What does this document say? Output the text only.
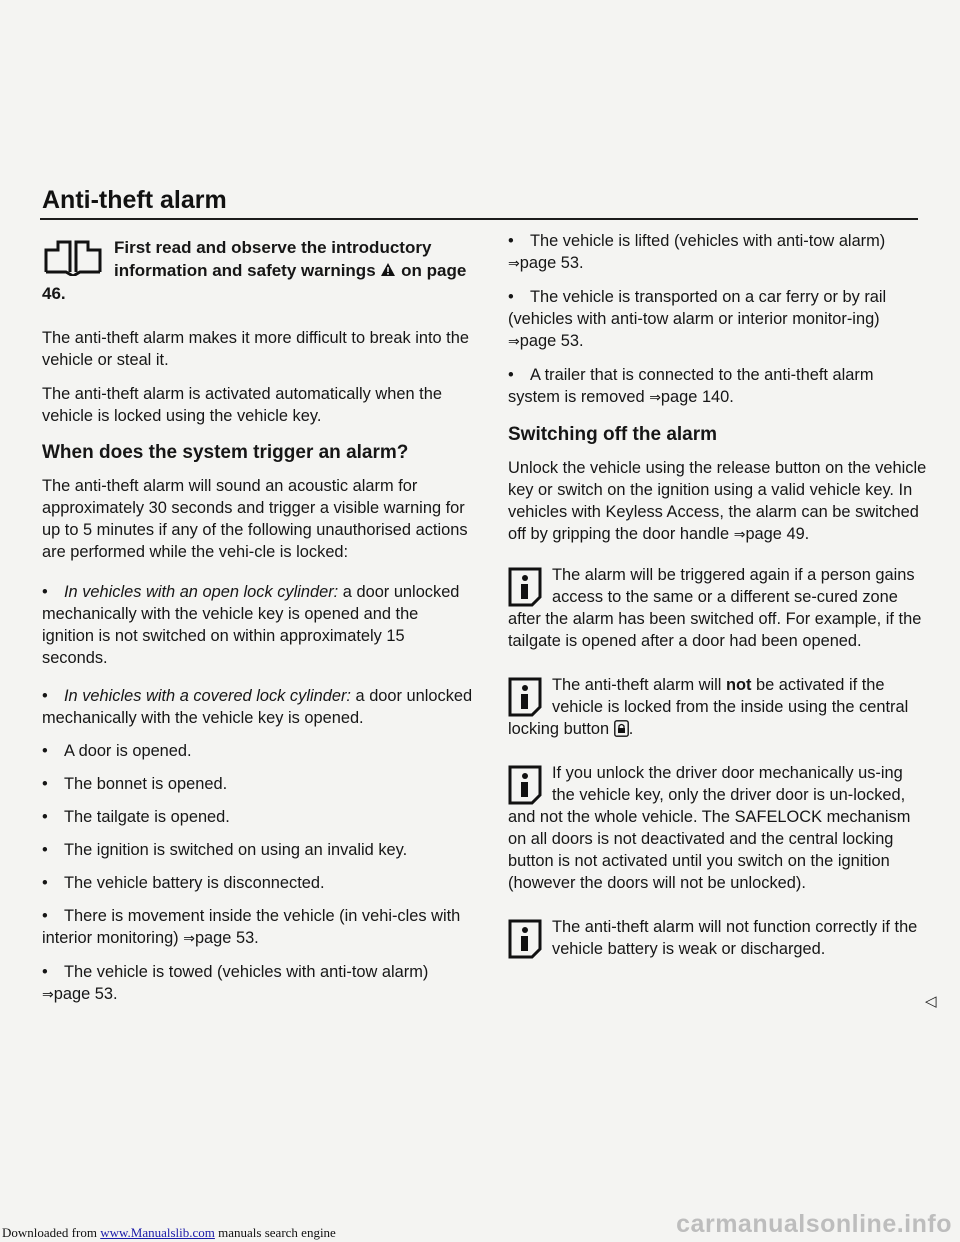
Anti-theft alarm
First read and observe the introductory information and safety warnings on page 46.

The anti-theft alarm makes it more difficult to break into the vehicle or steal it.

The anti-theft alarm is activated automatically when the vehicle is locked using the vehicle key.

When does the system trigger an alarm?

The anti-theft alarm will sound an acoustic alarm for approximately 30 seconds and trigger a visible warning for up to 5 minutes if any of the following unauthorised actions are performed while the vehi-cle is locked:

• In vehicles with an open lock cylinder: a door unlocked mechanically with the vehicle key is opened and the ignition is not switched on within approximately 15 seconds.
• In vehicles with a covered lock cylinder: a door unlocked mechanically with the vehicle key is opened.
• A door is opened.
• The bonnet is opened.
• The tailgate is opened.
• The ignition is switched on using an invalid key.
• The vehicle battery is disconnected.
• There is movement inside the vehicle (in vehi-cles with interior monitoring) ⇒page 53.
• The vehicle is towed (vehicles with anti-tow alarm) ⇒page 53.
• The vehicle is lifted (vehicles with anti-tow alarm) ⇒page 53.
• The vehicle is transported on a car ferry or by rail (vehicles with anti-tow alarm or interior monitor-ing) ⇒page 53.
• A trailer that is connected to the anti-theft alarm system is removed ⇒page 140.
Switching off the alarm

Unlock the vehicle using the release button on the vehicle key or switch on the ignition using a valid vehicle key. In vehicles with Keyless Access, the alarm can be switched off by gripping the door handle ⇒page 49.

The alarm will be triggered again if a person gains access to the same or a different se-cured zone after the alarm has been switched off. For example, if the tailgate is opened after a door had been opened.
The anti-theft alarm will not be activated if the vehicle is locked from the inside using the central locking button .
If you unlock the driver door mechanically us-ing the vehicle key, only the driver door is un-locked, and not the whole vehicle. The SAFELOCK mechanism on all doors is not deactivated and the central locking button is not activated until you switch on the ignition (however the doors will not be unlocked).
The anti-theft alarm will not function correctly if the vehicle battery is weak or discharged.
◁
Downloaded from www.Manualslib.com manuals search engine	carmanualsonline.info
